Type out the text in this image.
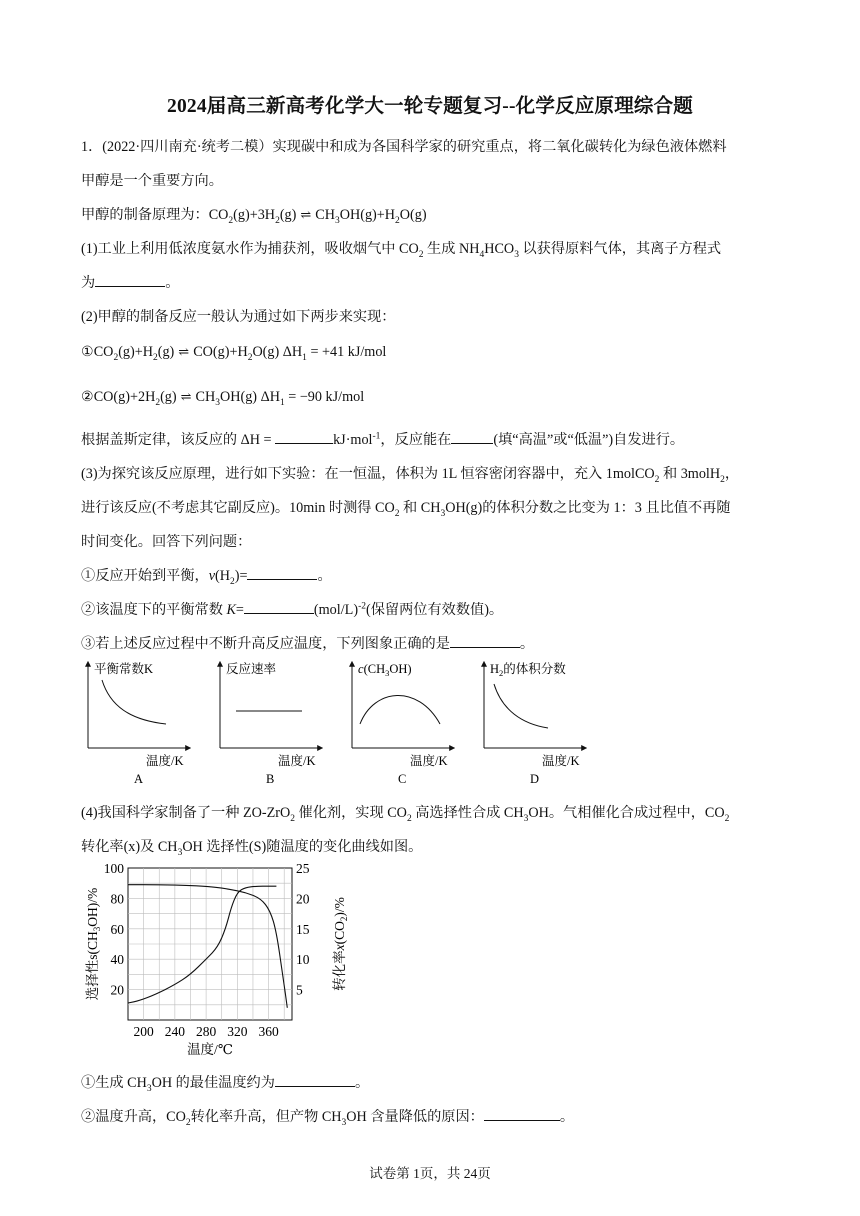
2024届高三新高考化学大一轮专题复习--化学反应原理综合题

1．(2022·四川南充·统考二模）实现碳中和成为各国科学家的研究重点，将二氧化碳转化为绿色液体燃料

甲醇是一个重要方向。

甲醇的制备原理为：$CO_2(g)+3H_2(g)$ ⇌ $CH_3OH(g)+H_2O(g)$

(1)工业上利用低浓度氨水作为捕获剂，吸收烟气中 $CO_2$ 生成 $NH_4HCO_3$ 以获得原料气体，其离子方程式

为	。

(2)甲醇的制备反应一般认为通过如下两步来实现：

$①CO_2(g)+H_2(g)$ ⇌ $CO(g)+H_2O(g) \Delta H_1 = +41$ kJ/mol

$②CO(g)+2H_2(g)$ ⇌ $CH_3OH(g) \Delta H_1 = -90$ kJ/mol

根据盖斯定律，该反应的 ΔH =	kJ·mol$^{-1}$，反应能在	(填“高温”或“低温”)自发进行。

(3)为探究该反应原理，进行如下实验：在一恒温，体积为 1L 恒容密闭容器中，充入 1molCO$_2$ 和 3molH$_2$，

进行该反应(不考虑其它副反应)。10min 时测得 $CO_2$ 和 $CH_3OH(g)$的体积分数之比变为 1：3 且比值不再随

时间变化。回答下列问题：

①反应开始到平衡，$v(H_2)=$	。

②该温度下的平衡常数 K=	$(mol/L)^{-2}$(保留两位有效数值)。

③若上述反应过程中不断升高反应温度，下列图象正确的是	。

平衡常数K
温度/K
A
反应速率
温度/K
B
$c(CH_3OH)$
温度/K
C
$H_2$的体积分数
温度/K
D

(4)我国科学家制备了一种 ZO-ZrO$_2$ 催化剂，实现 $CO_2$ 高选择性合成 $CH_3OH$。气相催化合成过程中，$CO_2$

转化率(x)及 $CH_3OH$ 选择性(S)随温度的变化曲线如图。

20
40
60
80
100
5
10
15
20
25
200 240 280 320 360
选择性$s(CH_3OH)/\%$
转化率$x(CO_2)/\%$
温度/℃

①生成 $CH_3OH$ 的最佳温度约为	。

②温度升高，$CO_2$转化率升高，但产物 $CH_3OH$ 含量降低的原因：	。

试卷第 1页，共 24页
